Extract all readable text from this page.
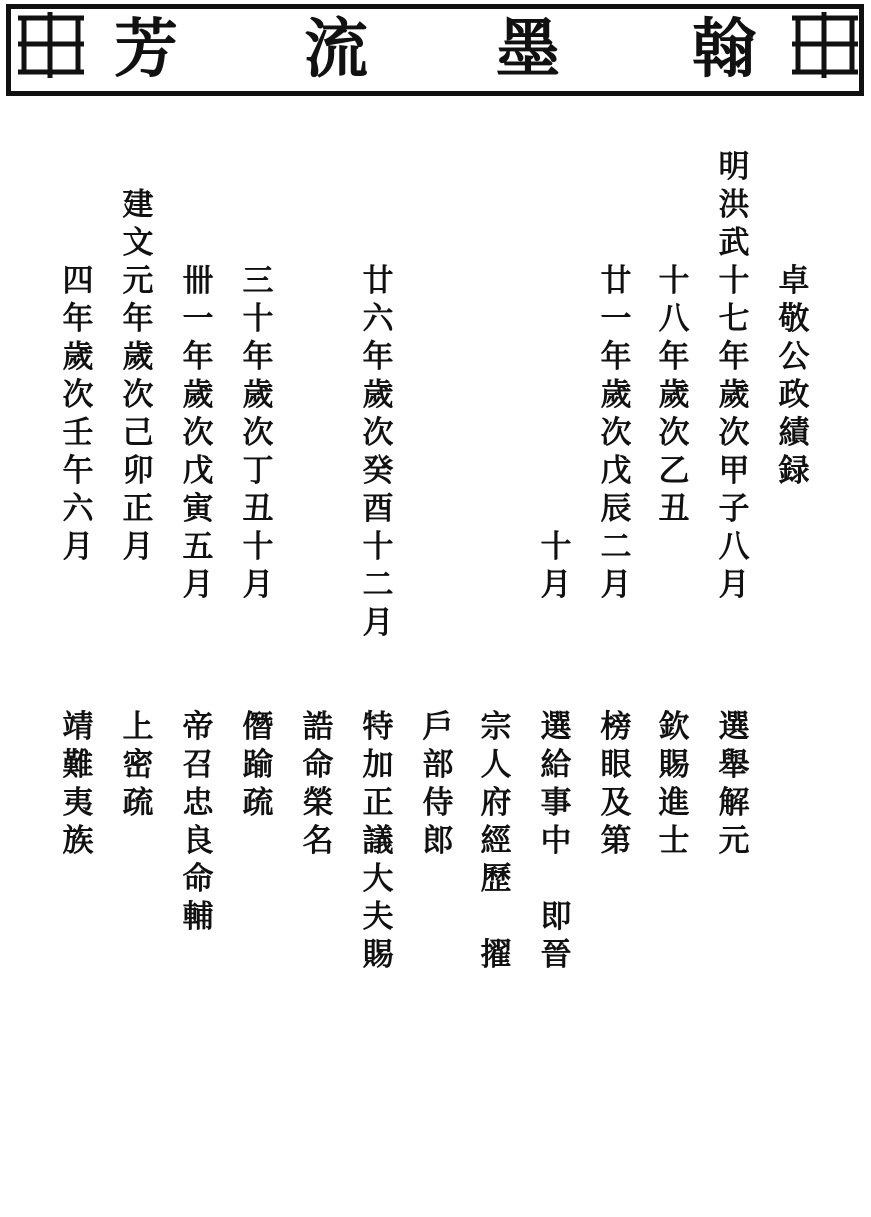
芳 流 墨 翰
卓敬公政績録
明洪武十七年歲次甲子八月
十八年歲次乙丑
廿一年歲次戊辰二月
十月
廿六年歲次癸酉十二月
三十年歲次丁丑十月
卌一年歲次戊寅五月
建文元年歲次己卯正月
四年歲次壬午六月
選舉解元
欽賜進士
榜眼及第
選給事中
即晉
宗人府經歷
擢
戶部侍郎
特加正議大夫賜
誥命榮名
僭踰疏
帝召忠良命輔
上密疏
靖難夷族
